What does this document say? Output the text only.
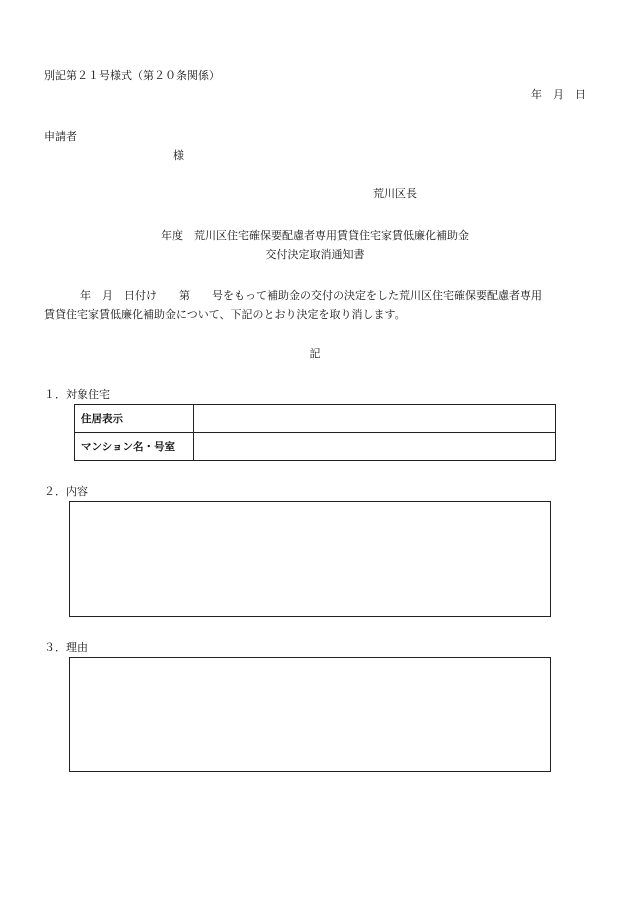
別記第２１号様式（第２０条関係）
年　月　日
申請者
様
荒川区長
年度　荒川区住宅確保要配慮者専用賃貸住宅家賃低廉化補助金
交付決定取消通知書
年　月　日付け　　第　　号をもって補助金の交付の決定をした荒川区住宅確保要配慮者専用
賃貸住宅家賃低廉化補助金について、下記のとおり決定を取り消します。
記
１．対象住宅
住居表示	
マンション名・号室	
２．内容
３．理由
